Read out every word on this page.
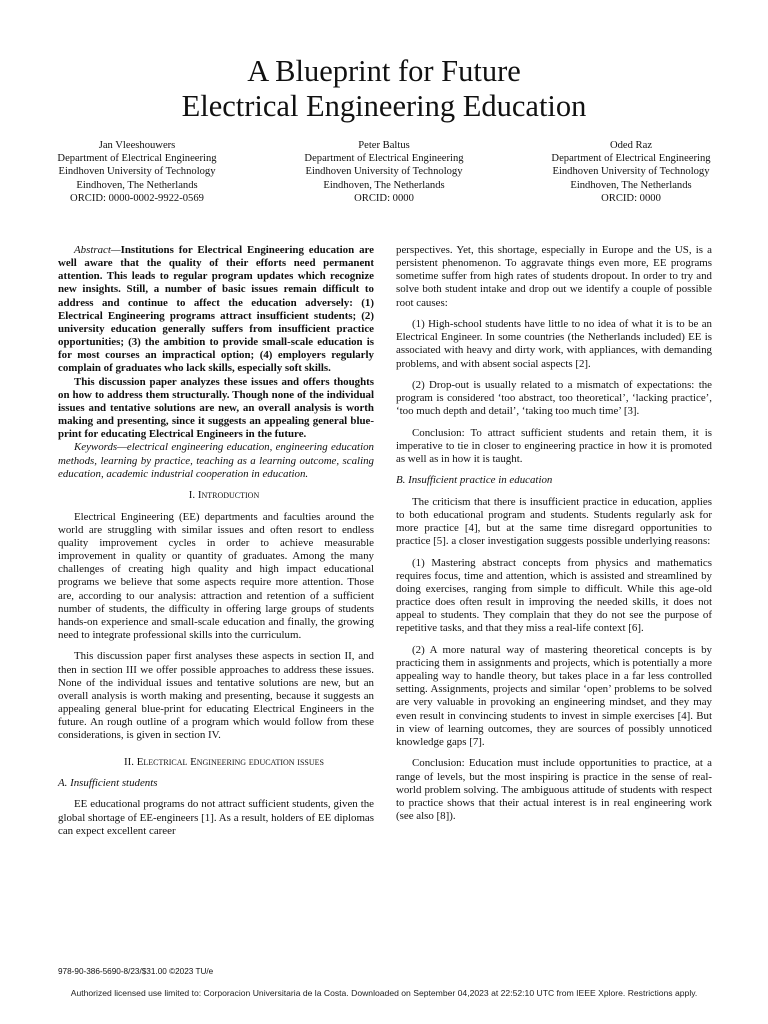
A Blueprint for Future
Electrical Engineering Education
Jan Vleeshouwers
Department of Electrical Engineering
Eindhoven University of Technology
Eindhoven, The Netherlands
ORCID: 0000-0002-9922-0569
Peter Baltus
Department of Electrical Engineering
Eindhoven University of Technology
Eindhoven, The Netherlands
ORCID: 0000
Oded Raz
Department of Electrical Engineering
Eindhoven University of Technology
Eindhoven, The Netherlands
ORCID: 0000

Abstract—Institutions for Electrical Engineering education are well aware that the quality of their efforts need permanent attention. This leads to regular program updates which recognize new insights. Still, a number of basic issues remain difficult to address and continue to affect the education adversely: (1) Electrical Engineering programs attract insufficient students; (2) university education generally suffers from insufficient practice opportunities; (3) the ambition to provide small-scale education is for most courses an impractical option; (4) employers regularly complain of graduates who lack skills, especially soft skills.

This discussion paper analyzes these issues and offers thoughts on how to address them structurally. Though none of the individual issues and tentative solutions are new, an overall analysis is worth making and presenting, since it suggests an appealing general blue-print for educating Electrical Engineers in the future.

Keywords—electrical engineering education, engineering education methods, learning by practice, teaching as a learning outcome, scaling education, academic industrial cooperation in education.

I. Introduction

Electrical Engineering (EE) departments and faculties around the world are struggling with similar issues and often resort to endless quality improvement cycles in order to achieve measurable improvement in quality or quantity of graduates. Among the many challenges of creating high quality and high impact educational programs we believe that some aspects require more attention. Those are, according to our analysis: attraction and retention of a sufficient number of students, the difficulty in offering large groups of students hands-on experience and small-scale education and finally, the growing need to integrate professional skills into the curriculum.

This discussion paper first analyses these aspects in section II, and then in section III we offer possible approaches to address these issues. None of the individual issues and tentative solutions are new, but an overall analysis is worth making and presenting, because it suggests an appealing general blue-print for educating Electrical Engineers in the future. An rough outline of a program which would follow from these considerations, is given in section IV.

II. Electrical Engineering education issues

A. Insufficient students

EE educational programs do not attract sufficient students, given the global shortage of EE-engineers [1]. As a result, holders of EE diplomas can expect excellent career

perspectives. Yet, this shortage, especially in Europe and the US, is a persistent phenomenon. To aggravate things even more, EE programs sometime suffer from high rates of students dropout. In order to try and solve both student intake and drop out we identify a couple of possible root causes:

(1) High-school students have little to no idea of what it is to be an Electrical Engineer. In some countries (the Netherlands included) EE is associated with heavy and dirty work, with appliances, with demanding problems, and with absent social aspects [2].

(2) Drop-out is usually related to a mismatch of expectations: the program is considered ‘too abstract, too theoretical’, ‘lacking practice’, ‘too much depth and detail’, ‘taking too much time’ [3].

Conclusion: To attract sufficient students and retain them, it is imperative to tie in closer to engineering practice in how it is promoted as well as in how it is taught.

B. Insufficient practice in education

The criticism that there is insufficient practice in education, applies to both educational program and students. Students regularly ask for more practice [4], but at the same time disregard opportunities to practice [5]. a closer investigation suggests possible underlying reasons:

(1) Mastering abstract concepts from physics and mathematics requires focus, time and attention, which is assisted and streamlined by doing exercises, ranging from simple to difficult. While this age-old practice does often result in improving the needed skills, it does not appeal to students. They complain that they do not see the purpose of repetitive tasks, and that they miss a real-life context [6].

(2) A more natural way of mastering theoretical concepts is by practicing them in assignments and projects, which is potentially a more appealing way to handle theory, but takes place in a far less controlled setting. Assignments, projects and similar ‘open’ problems to be solved are very valuable in provoking an engineering mindset, and they may even result in convincing students to invest in simple exercises [4]. But in view of learning outcomes, they are sources of possibly unnoticed knowledge gaps [7].

Conclusion: Education must include opportunities to practice, at a range of levels, but the most inspiring is practice in the sense of real-world problem solving. The ambiguous attitude of students with respect to practice shows that their actual interest is in real engineering work (see also [8]).

978-90-386-5690-8/23/$31.00 ©2023 TU/e
Authorized licensed use limited to: Corporacion Universitaria de la Costa. Downloaded on September 04,2023 at 22:52:10 UTC from IEEE Xplore. Restrictions apply.
